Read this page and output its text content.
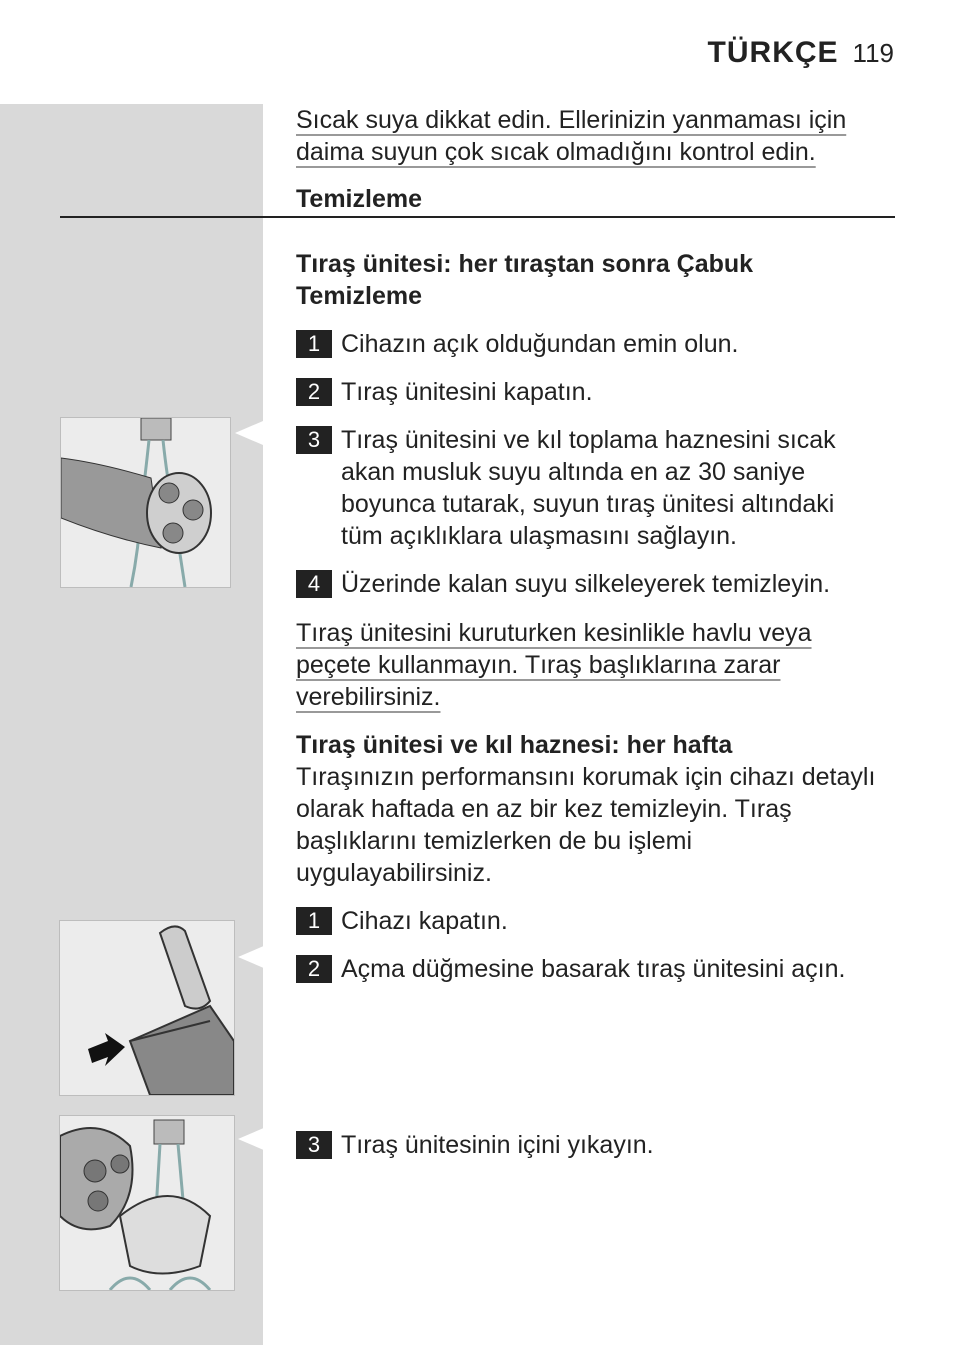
TÜRKÇE 119
Sıcak suya dikkat edin. Ellerinizin yanmaması için daima suyun çok sıcak olmadığını kontrol edin.
Temizleme
Tıraş ünitesi: her tıraştan sonra Çabuk Temizleme
1 Cihazın açık olduğundan emin olun.
2 Tıraş ünitesini kapatın.
3 Tıraş ünitesini ve kıl toplama haznesini sıcak akan musluk suyu altında en az 30 saniye boyunca tutarak, suyun tıraş ünitesi altındaki tüm açıklıklara ulaşmasını sağlayın.
4 Üzerinde kalan suyu silkeleyerek temizleyin.
Tıraş ünitesini kuruturken kesinlikle havlu veya peçete kullanmayın. Tıraş başlıklarına zarar verebilirsiniz.
Tıraş ünitesi ve kıl haznesi: her hafta
Tıraşınızın performansını korumak için cihazı detaylı olarak haftada en az bir kez temizleyin. Tıraş başlıklarını temizlerken de bu işlemi uygulayabilirsiniz.
1 Cihazı kapatın.
2 Açma düğmesine basarak tıraş ünitesini açın.
3 Tıraş ünitesinin içini yıkayın.
